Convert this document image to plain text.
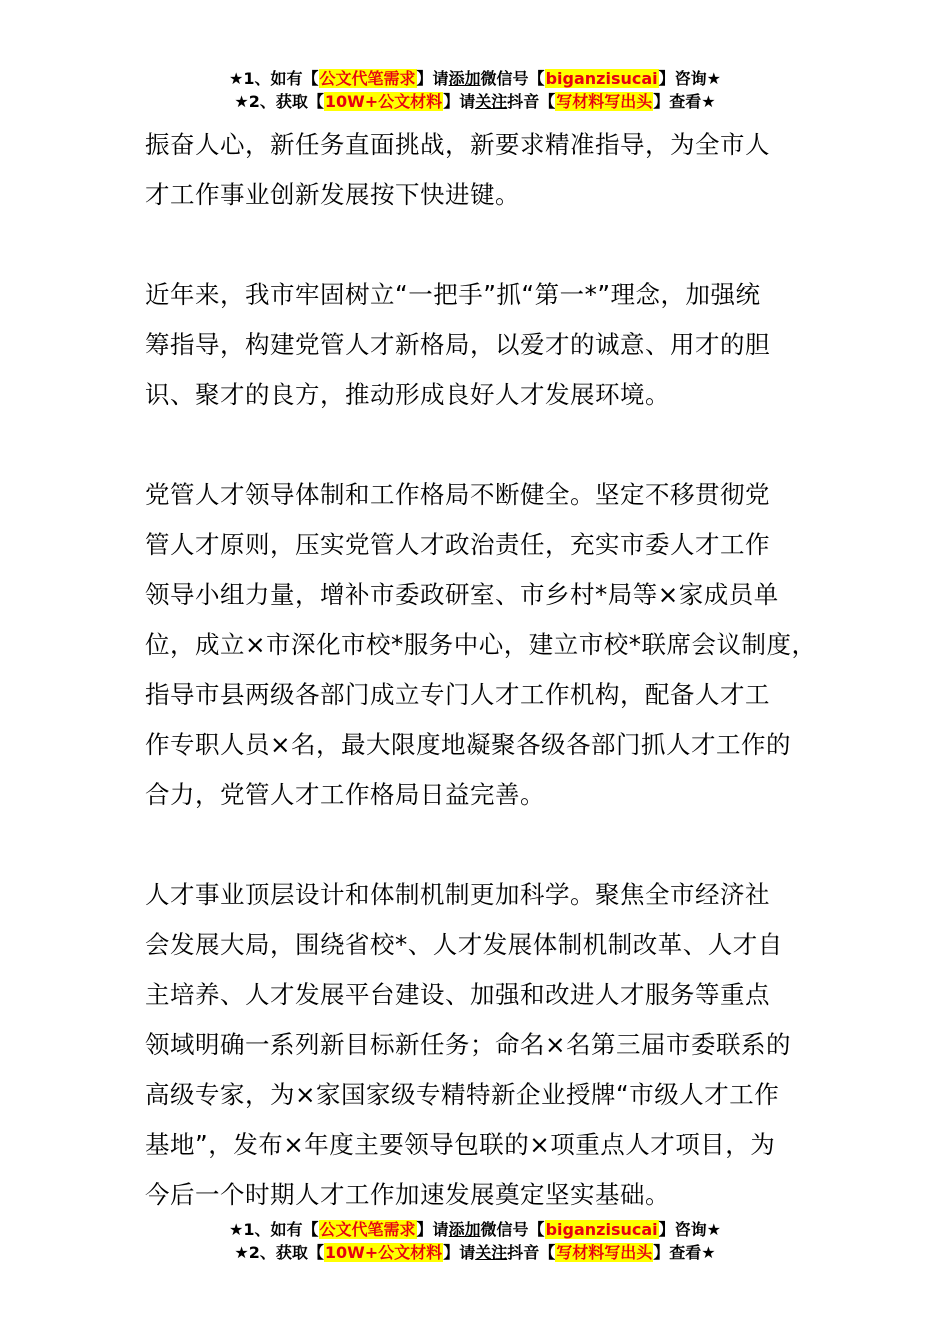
★1、如有【公文代笔需求】请添加微信号【biganzisucai】咨询★
★2、获取【10W+公文材料】请关注抖音【写材料写出头】查看★

振奋人心，新任务直面挑战，新要求精准指导，为全市人

才工作事业创新发展按下快进键。

近年来，我市牢固树立“一把手”抓“第一*”理念，加强统

筹指导，构建党管人才新格局，以爱才的诚意、用才的胆

识、聚才的良方，推动形成良好人才发展环境。

党管人才领导体制和工作格局不断健全。坚定不移贯彻党

管人才原则，压实党管人才政治责任，充实市委人才工作

领导小组力量，增补市委政研室、市乡村*局等×家成员单

位，成立×市深化市校*服务中心，建立市校*联席会议制度，

指导市县两级各部门成立专门人才工作机构，配备人才工

作专职人员×名，最大限度地凝聚各级各部门抓人才工作的

合力，党管人才工作格局日益完善。

人才事业顶层设计和体制机制更加科学。聚焦全市经济社

会发展大局，围绕省校*、人才发展体制机制改革、人才自

主培养、人才发展平台建设、加强和改进人才服务等重点

领域明确一系列新目标新任务；命名×名第三届市委联系的

高级专家，为×家国家级专精特新企业授牌“市级人才工作

基地”，发布×年度主要领导包联的×项重点人才项目，为

今后一个时期人才工作加速发展奠定坚实基础。

★1、如有【公文代笔需求】请添加微信号【biganzisucai】咨询★
★2、获取【10W+公文材料】请关注抖音【写材料写出头】查看★
